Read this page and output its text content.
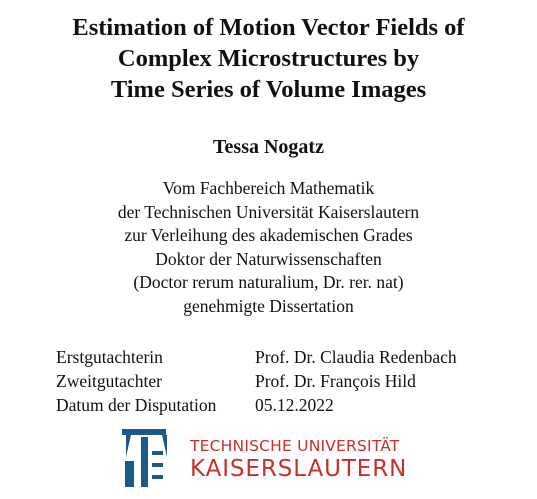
Estimation of Motion Vector Fields of
Complex Microstructures by
Time Series of Volume Images
Tessa Nogatz
Vom Fachbereich Mathematik
der Technischen Universität Kaiserslautern
zur Verleihung des akademischen Grades
Doktor der Naturwissenschaften
(Doctor rerum naturalium, Dr. rer. nat)
genehmigte Dissertation
Erstgutachterin	Prof. Dr. Claudia Redenbach
Zweitgutachter	Prof. Dr. François Hild
Datum der Disputation	05.12.2022
TECHNISCHE UNIVERSITÄT
KAISERSLAUTERN
